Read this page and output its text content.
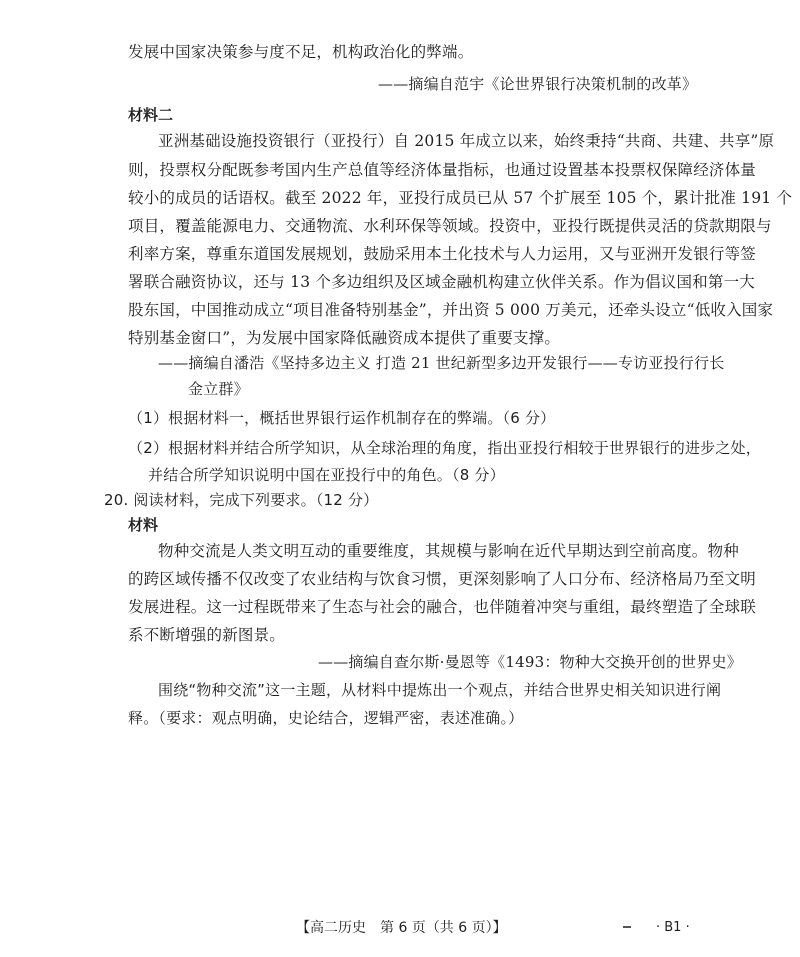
发展中国家决策参与度不足，机构政治化的弊端。
——摘编自范宇《论世界银行决策机制的改革》
材料二
亚洲基础设施投资银行（亚投行）自 2015 年成立以来，始终秉持“共商、共建、共享”原
则，投票权分配既参考国内生产总值等经济体量指标，也通过设置基本投票权保障经济体量
较小的成员的话语权。截至 2022 年，亚投行成员已从 57 个扩展至 105 个，累计批准 191 个
项目，覆盖能源电力、交通物流、水利环保等领域。投资中，亚投行既提供灵活的贷款期限与
利率方案，尊重东道国发展规划，鼓励采用本土化技术与人力运用，又与亚洲开发银行等签
署联合融资协议，还与 13 个多边组织及区域金融机构建立伙伴关系。作为倡议国和第一大
股东国，中国推动成立“项目准备特别基金”，并出资 5 000 万美元，还牵头设立“低收入国家
特别基金窗口”，为发展中国家降低融资成本提供了重要支撑。
——摘编自潘浩《坚持多边主义 打造 21 世纪新型多边开发银行——专访亚投行行长
金立群》
（1）根据材料一，概括世界银行运作机制存在的弊端。（6 分）
（2）根据材料并结合所学知识，从全球治理的角度，指出亚投行相较于世界银行的进步之处，
并结合所学知识说明中国在亚投行中的角色。（8 分）
20. 阅读材料，完成下列要求。（12 分）
材料
物种交流是人类文明互动的重要维度，其规模与影响在近代早期达到空前高度。物种
的跨区域传播不仅改变了农业结构与饮食习惯，更深刻影响了人口分布、经济格局乃至文明
发展进程。这一过程既带来了生态与社会的融合，也伴随着冲突与重组，最终塑造了全球联
系不断增强的新图景。
——摘编自查尔斯·曼恩等《1493：物种大交换开创的世界史》
围绕“物种交流”这一主题，从材料中提炼出一个观点，并结合世界史相关知识进行阐
释。（要求：观点明确，史论结合，逻辑严密，表述准确。）
【高二历史　第 6 页（共 6 页）】	· B1 ·
